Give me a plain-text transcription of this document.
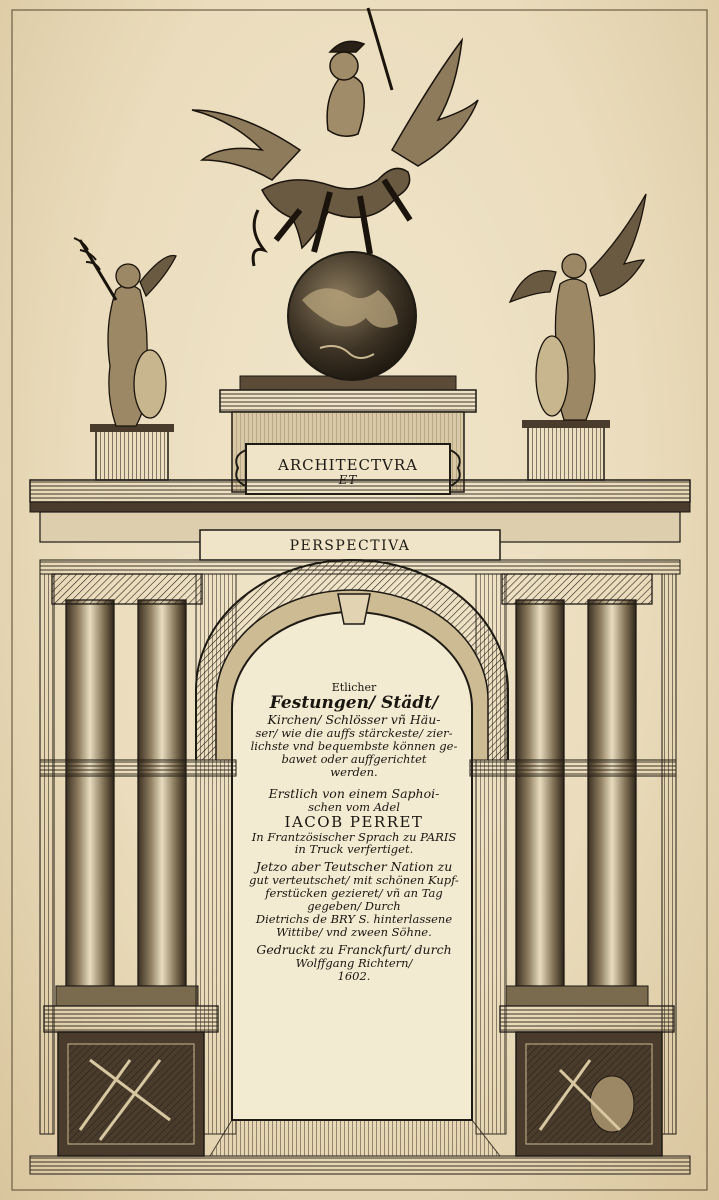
ARCHITECTVRA
ET
PERSPECTIVA
Etlicher
Festungen/ Städt/
Kirchen/ Schlösser vñ Häu-
ser/ wie die auffs stärckeste/ zier-
lichste vnd bequembste können ge-
bawet oder auffgerichtet
werden.
Erstlich von einem Saphoi-
schen vom Adel
IACOB PERRET
In Frantzösischer Sprach zu PARIS
in Truck verfertiget.
Jetzo aber Teutscher Nation zu
gut verteutschet/ mit schönen Kupf-
ferstücken gezieret/ vñ an Tag
gegeben/ Durch
Dietrichs de BRY S. hinterlassene
Wittibe/ vnd zween Söhne.
Gedruckt zu Franckfurt/ durch
Wolffgang Richtern/
1602.
